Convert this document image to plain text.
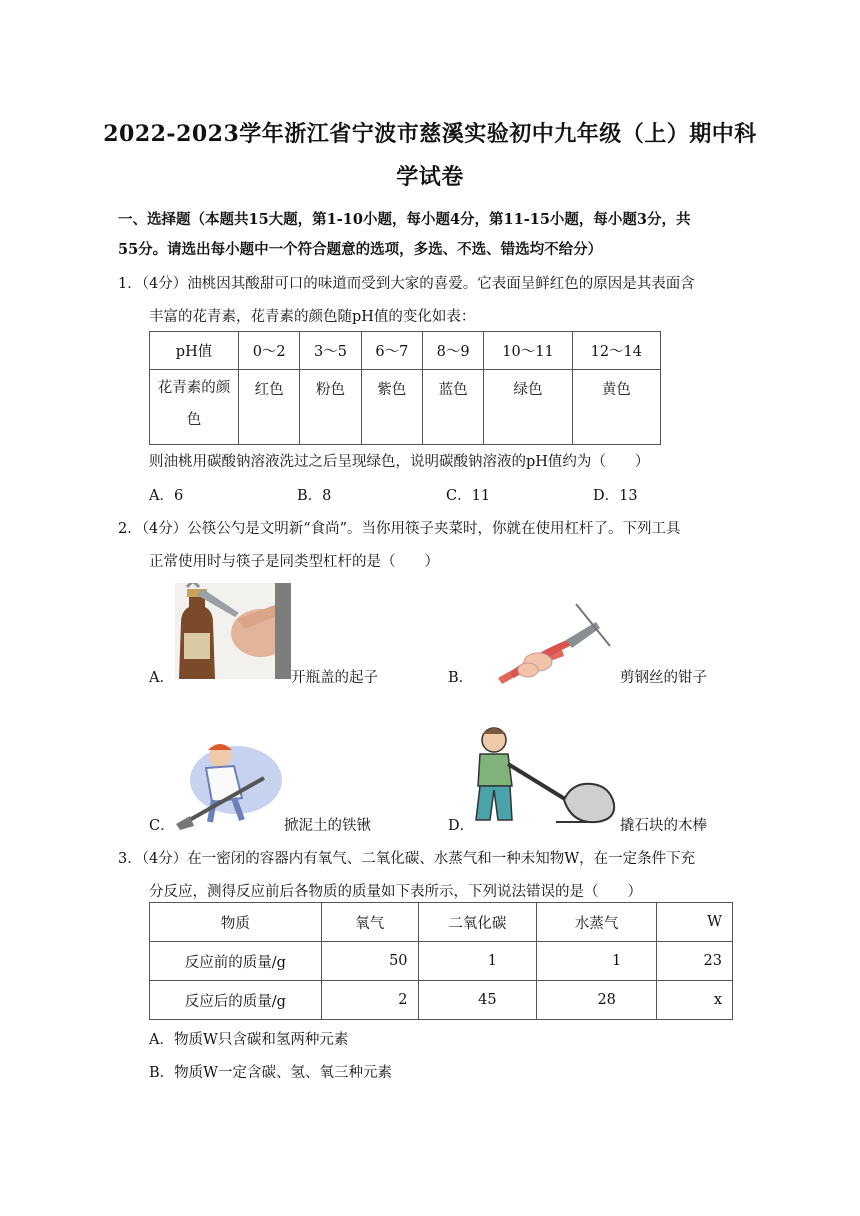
2022-2023学年浙江省宁波市慈溪实验初中九年级（上）期中科
学试卷
一、选择题（本题共15大题，第1-10小题，每小题4分，第11-15小题，每小题3分，共
55分。请选出每小题中一个符合题意的选项，多选、不选、错选均不给分）
1．（4分）油桃因其酸甜可口的味道而受到大家的喜爱。它表面呈鲜红色的原因是其表面含
丰富的花青素，花青素的颜色随pH值的变化如表：
pH值	0～2	3～5	6～7	8～9	10～11	12～14
花青素的颜
色	红色	粉色	紫色	蓝色	绿色	黄色
则油桃用碳酸钠溶液洗过之后呈现绿色，说明碳酸钠溶液的pH值约为（　　）
A．6	B．8	C．11	D．13
2．（4分）公筷公勺是文明新“食尚”。当你用筷子夹菜时，你就在使用杠杆了。下列工具
正常使用时与筷子是同类型杠杆的是（　　）
A．	开瓶盖的起子	B．	剪钢丝的钳子
C．	掀泥土的铁锹	D．	撬石块的木棒
3．（4分）在一密闭的容器内有氧气、二氧化碳、水蒸气和一种未知物W，在一定条件下充
分反应，测得反应前后各物质的质量如下表所示，下列说法错误的是（　　）
物质	氧气	二氧化碳	水蒸气	W
反应前的质量/g	50	1	1	23
反应后的质量/g	2	45	28	x
A．物质W只含碳和氢两种元素
B．物质W一定含碳、氢、氧三种元素
